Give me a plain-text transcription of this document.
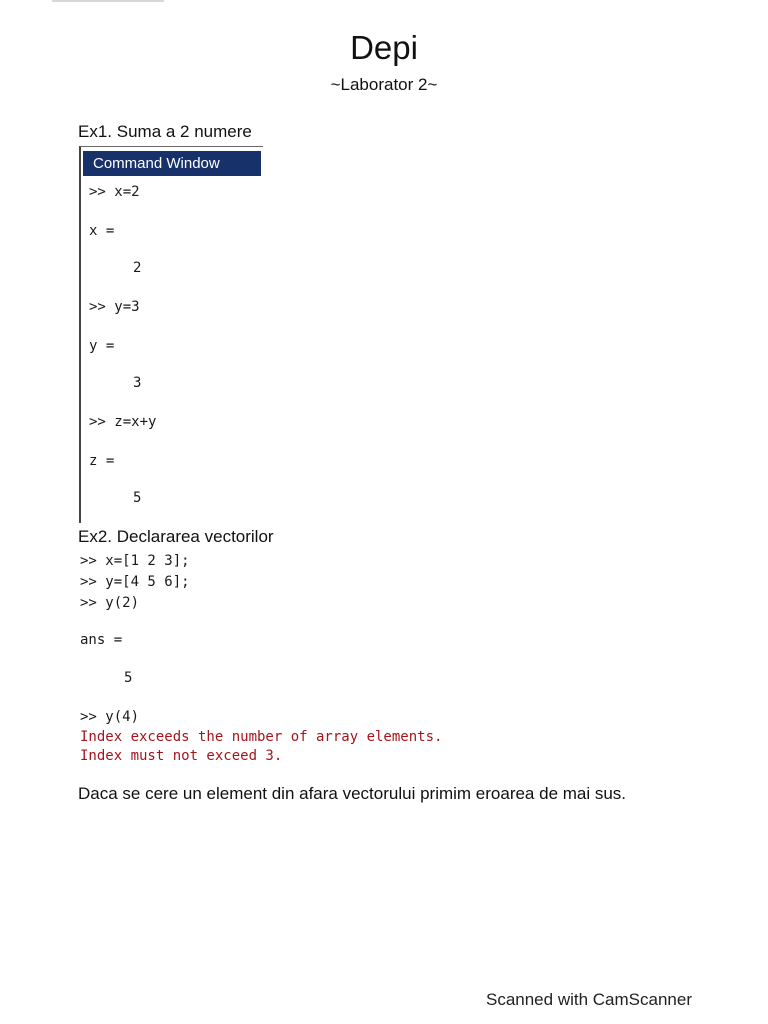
Depi
~Laborator 2~
Ex1. Suma a 2 numere
Command Window
>> x=2
x =
2
>> y=3
y =
3
>> z=x+y
z =
5
Ex2. Declararea vectorilor
>> x=[1 2 3];
>> y=[4 5 6];
>> y(2)
ans =
5
>> y(4)
Index exceeds the number of array elements.
Index must not exceed 3.
Daca se cere un element din afara vectorului primim eroarea de mai sus.
Scanned with CamScanner
